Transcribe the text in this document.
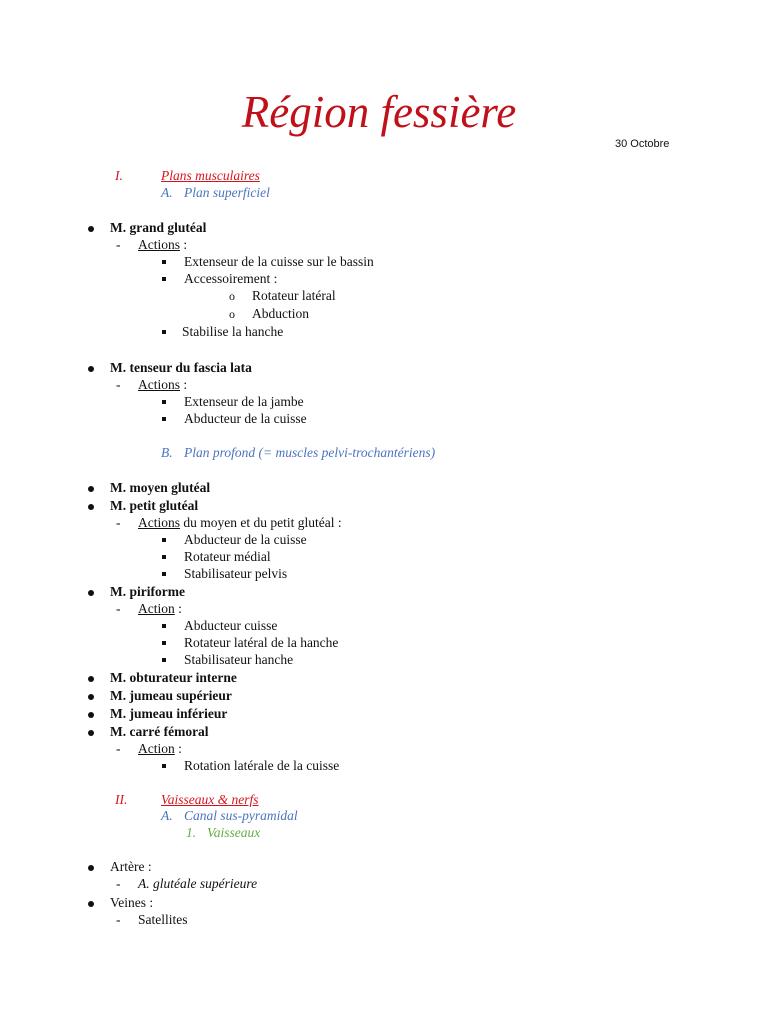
Région fessière
30 Octobre
I.	Plans musculaires
A. Plan superficiel
M. grand glutéal
- Actions :
Extenseur de la cuisse sur le bassin
Accessoirement :
o Rotateur latéral
o Abduction
Stabilise la hanche
M. tenseur du fascia lata
- Actions :
Extenseur de la jambe
Abducteur de la cuisse
B. Plan profond (= muscles pelvi-trochantériens)
M. moyen glutéal
M. petit glutéal
- Actions du moyen et du petit glutéal :
Abducteur de la cuisse
Rotateur médial
Stabilisateur pelvis
M. piriforme
- Action :
Abducteur cuisse
Rotateur latéral de la hanche
Stabilisateur hanche
M. obturateur interne
M. jumeau supérieur
M. jumeau inférieur
M. carré fémoral
- Action :
Rotation latérale de la cuisse
II. Vaisseaux & nerfs
A. Canal sus-pyramidal
1. Vaisseaux
Artère :
- A. glutéale supérieure
Veines :
- Satellites
